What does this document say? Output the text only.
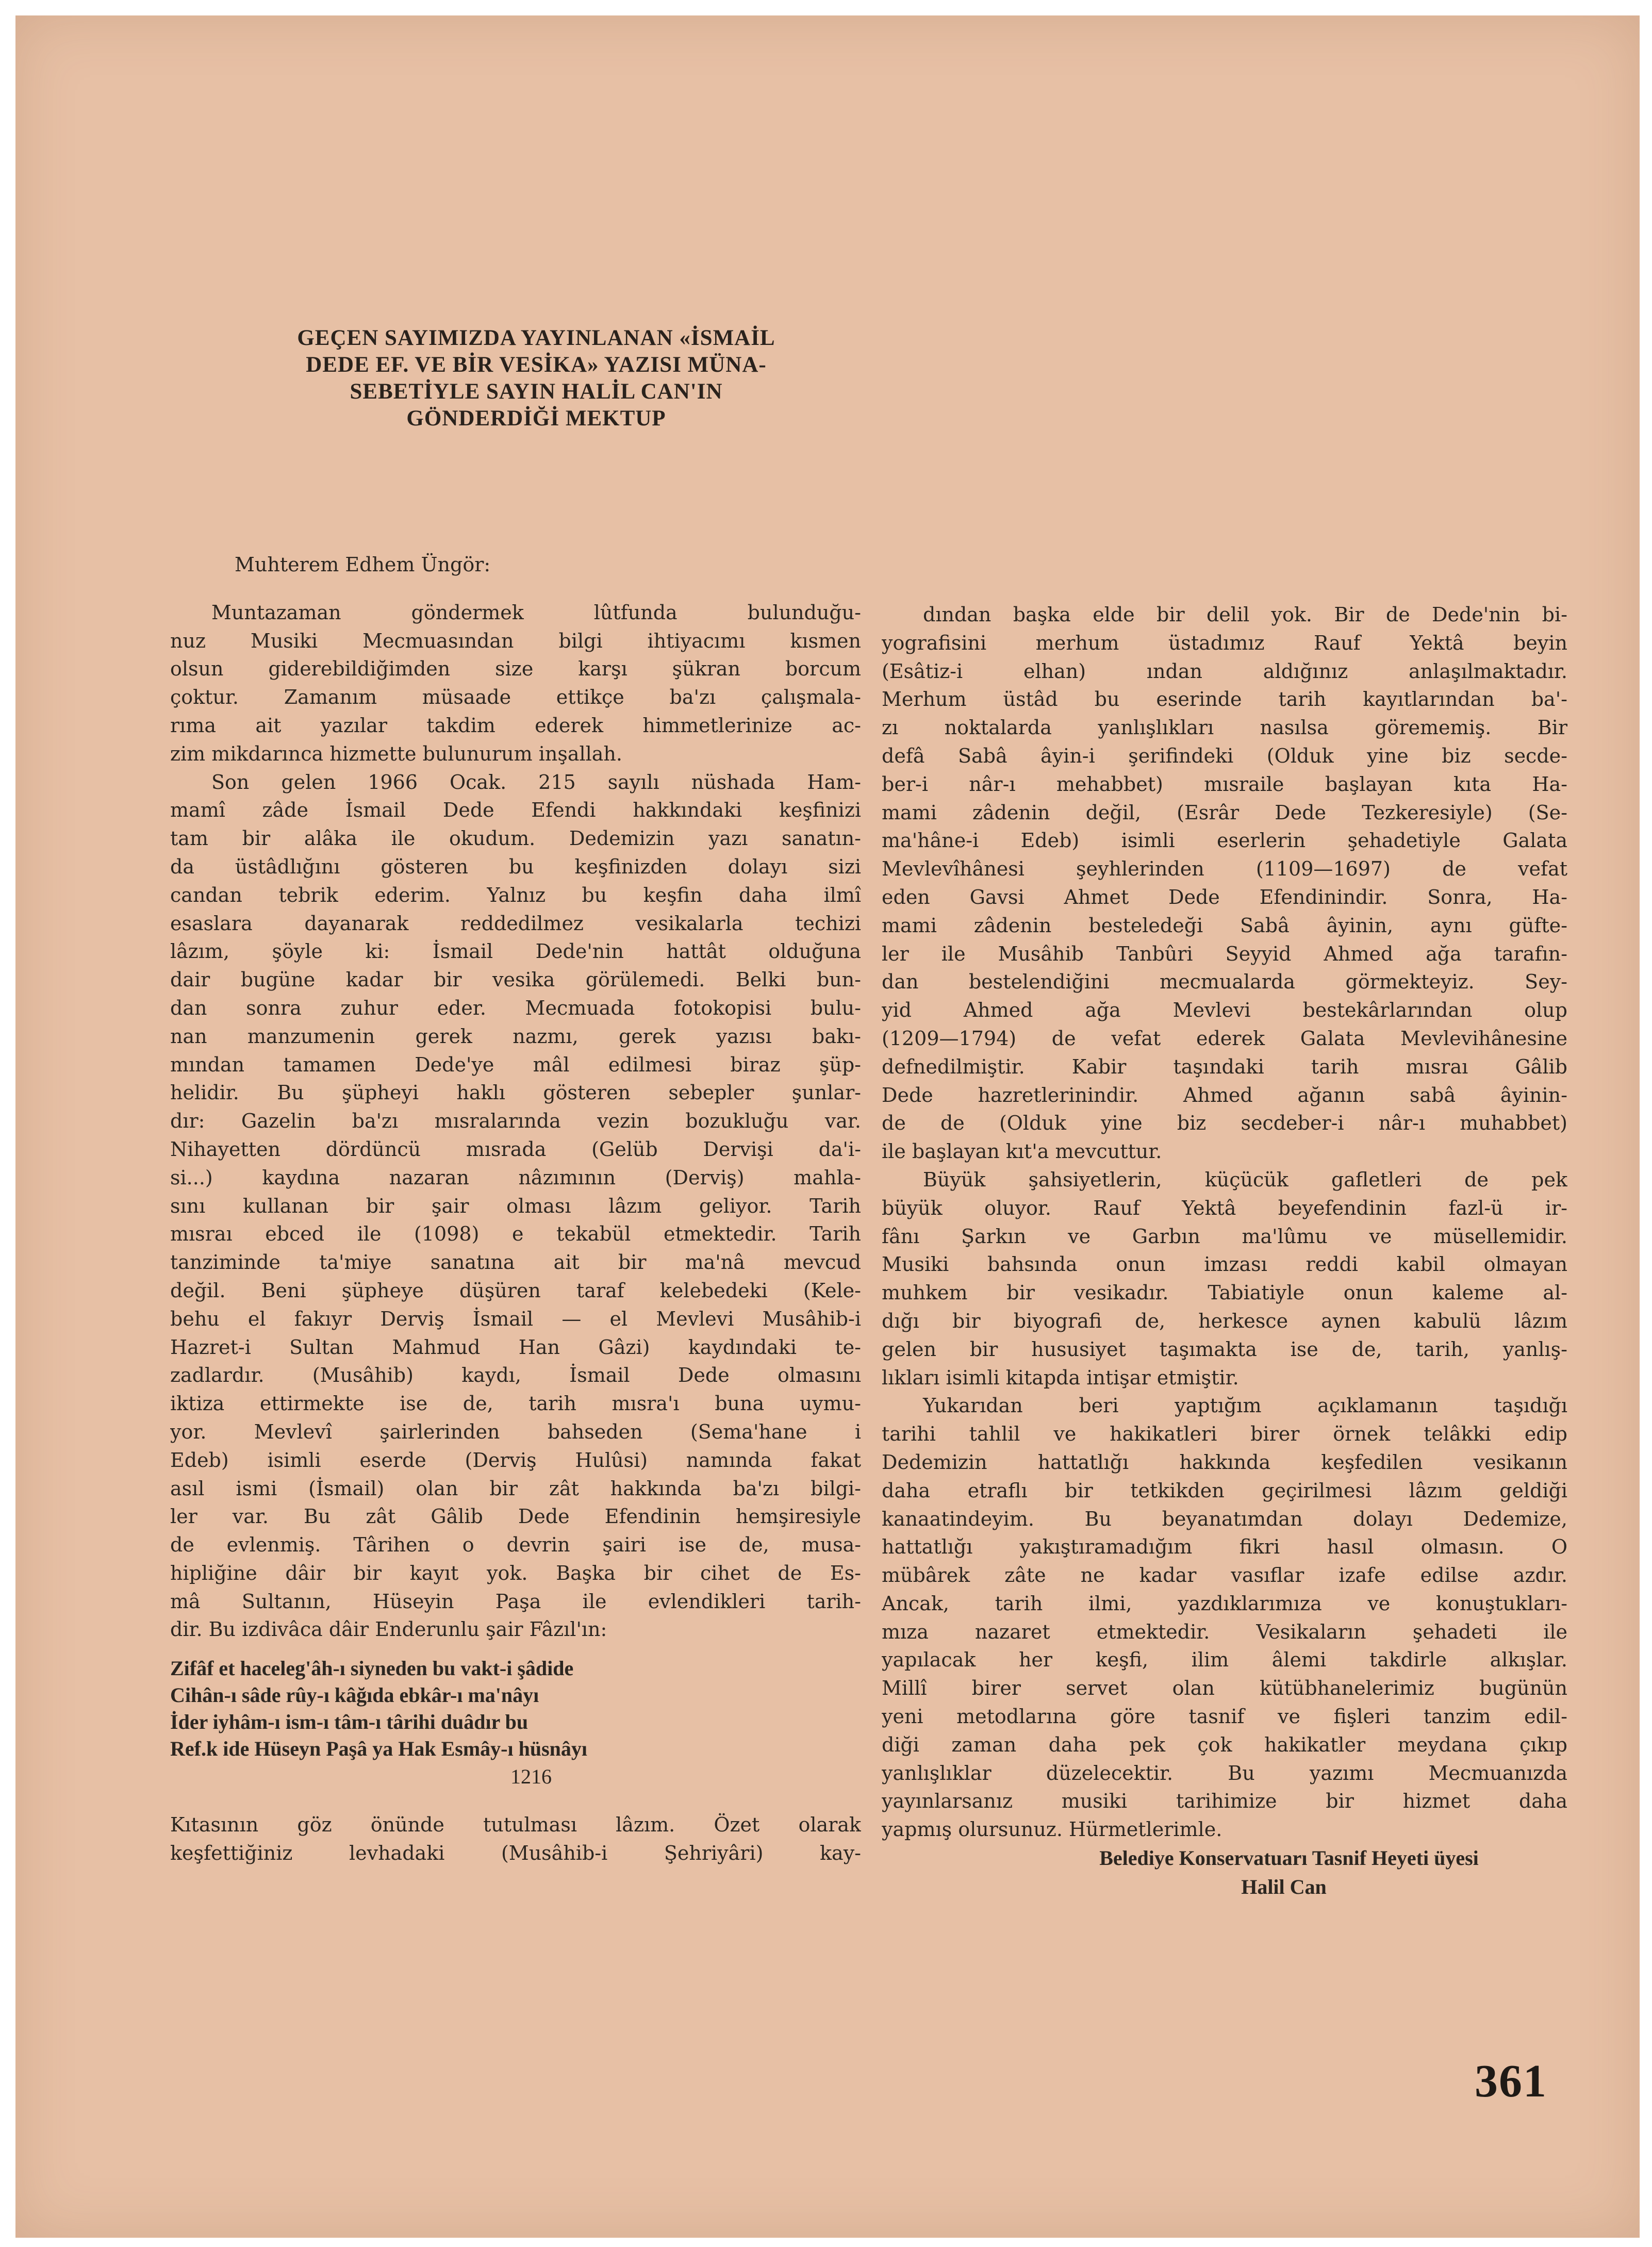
GEÇEN SAYIMIZDA YAYINLANAN «İSMAİL
DEDE EF. VE BİR VESİKA» YAZISI MÜNA-
SEBETİYLE SAYIN HALİL CAN'IN
GÖNDERDİĞİ MEKTUP
Muhterem Edhem Üngör:
Muntazaman göndermek lûtfunda bulunduğu-
nuz Musiki Mecmuasından bilgi ihtiyacımı kısmen
olsun giderebildiğimden size karşı şükran borcum
çoktur. Zamanım müsaade ettikçe ba'zı çalışmala-
rıma ait yazılar takdim ederek himmetlerinize ac-
zim mikdarınca hizmette bulunurum inşallah.
Son gelen 1966 Ocak. 215 sayılı nüshada Ham-
mamî zâde İsmail Dede Efendi hakkındaki keşfinizi
tam bir alâka ile okudum. Dedemizin yazı sanatın-
da üstâdlığını gösteren bu keşfinizden dolayı sizi
candan tebrik ederim. Yalnız bu keşfin daha ilmî
esaslara dayanarak reddedilmez vesikalarla techizi
lâzım, şöyle ki: İsmail Dede'nin hattât olduğuna
dair bugüne kadar bir vesika görülemedi. Belki bun-
dan sonra zuhur eder. Mecmuada fotokopisi bulu-
nan manzumenin gerek nazmı, gerek yazısı bakı-
mından tamamen Dede'ye mâl edilmesi biraz şüp-
helidir. Bu şüpheyi haklı gösteren sebepler şunlar-
dır: Gazelin ba'zı mısralarında vezin bozukluğu var.
Nihayetten dördüncü mısrada (Gelüb Dervişi da'i-
si...) kaydına nazaran nâzımının (Derviş) mahla-
sını kullanan bir şair olması lâzım geliyor. Tarih
mısraı ebced ile (1098) e tekabül etmektedir. Tarih
tanziminde ta'miye sanatına ait bir ma'nâ mevcud
değil. Beni şüpheye düşüren taraf kelebedeki (Kele-
behu el fakıyr Derviş İsmail — el Mevlevi Musâhib-i
Hazret-i Sultan Mahmud Han Gâzi) kaydındaki te-
zadlardır. (Musâhib) kaydı, İsmail Dede olmasını
iktiza ettirmekte ise de, tarih mısra'ı buna uymu-
yor. Mevlevî şairlerinden bahseden (Sema'hane i
Edeb) isimli eserde (Derviş Hulûsi) namında fakat
asıl ismi (İsmail) olan bir zât hakkında ba'zı bilgi-
ler var. Bu zât Gâlib Dede Efendinin hemşiresiyle
de evlenmiş. Târihen o devrin şairi ise de, musa-
hipliğine dâir bir kayıt yok. Başka bir cihet de Es-
mâ Sultanın, Hüseyin Paşa ile evlendikleri tarih-
dir. Bu izdivâca dâir Enderunlu şair Fâzıl'ın:
Zifâf et haceleg'âh-ı siyneden bu vakt-i şâdide
Cihân-ı sâde rûy-ı kâğıda ebkâr-ı ma'nâyı
İder iyhâm-ı ism-ı tâm-ı târihi duâdır bu
Ref.k ide Hüseyn Paşâ ya Hak Esmây-ı hüsnâyı
1216
Kıtasının göz önünde tutulması lâzım. Özet olarak
keşfettiğiniz levhadaki (Musâhib-i Şehriyâri) kay-
dından başka elde bir delil yok. Bir de Dede'nin bi-
yografisini merhum üstadımız Rauf Yektâ beyin
(Esâtiz-i elhan) ından aldığınız anlaşılmaktadır.
Merhum üstâd bu eserinde tarih kayıtlarından ba'-
zı noktalarda yanlışlıkları nasılsa görememiş. Bir
defâ Sabâ âyin-i şerifindeki (Olduk yine biz secde-
ber-i nâr-ı mehabbet) mısraile başlayan kıta Ha-
mami zâdenin değil, (Esrâr Dede Tezkeresiyle) (Se-
ma'hâne-i Edeb) isimli eserlerin şehadetiyle Galata
Mevlevîhânesi şeyhlerinden (1109—1697) de vefat
eden Gavsi Ahmet Dede Efendinindir. Sonra, Ha-
mami zâdenin besteledeği Sabâ âyinin, aynı güfte-
ler ile Musâhib Tanbûri Seyyid Ahmed ağa tarafın-
dan bestelendiğini mecmualarda görmekteyiz. Sey-
yid Ahmed ağa Mevlevi bestekârlarından olup
(1209—1794) de vefat ederek Galata Mevlevihânesine
defnedilmiştir. Kabir taşındaki tarih mısraı Gâlib
Dede hazretlerinindir. Ahmed ağanın sabâ âyinin-
de de (Olduk yine biz secdeber-i nâr-ı muhabbet)
ile başlayan kıt'a mevcuttur.
Büyük şahsiyetlerin, küçücük gafletleri de pek
büyük oluyor. Rauf Yektâ beyefendinin fazl-ü ir-
fânı Şarkın ve Garbın ma'lûmu ve müsellemidir.
Musiki bahsında onun imzası reddi kabil olmayan
muhkem bir vesikadır. Tabiatiyle onun kaleme al-
dığı bir biyografi de, herkesce aynen kabulü lâzım
gelen bir hususiyet taşımakta ise de, tarih, yanlış-
lıkları isimli kitapda intişar etmiştir.
Yukarıdan beri yaptığım açıklamanın taşıdığı
tarihi tahlil ve hakikatleri birer örnek telâkki edip
Dedemizin hattatlığı hakkında keşfedilen vesikanın
daha etraflı bir tetkikden geçirilmesi lâzım geldiği
kanaatindeyim. Bu beyanatımdan dolayı Dedemize,
hattatlığı yakıştıramadığım fikri hasıl olmasın. O
mübârek zâte ne kadar vasıflar izafe edilse azdır.
Ancak, tarih ilmi, yazdıklarımıza ve konuştukları-
mıza nazaret etmektedir. Vesikaların şehadeti ile
yapılacak her keşfi, ilim âlemi takdirle alkışlar.
Millî birer servet olan kütübhanelerimiz bugünün
yeni metodlarına göre tasnif ve fişleri tanzim edil-
diği zaman daha pek çok hakikatler meydana çıkıp
yanlışlıklar düzelecektir. Bu yazımı Mecmuanızda
yayınlarsanız musiki tarihimize bir hizmet daha
yapmış olursunuz. Hürmetlerimle.
Belediye Konservatuarı Tasnif Heyeti üyesi
Halil Can
361
